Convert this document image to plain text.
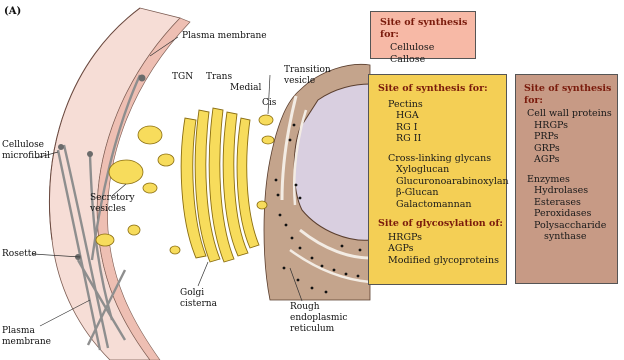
(A)
Plasma membrane
TGN Trans
Medial
Cis
Transition
vesicle
Cellulose
microfibril
Secretory
vesicles
Rosette
Plasma
membrane
Golgi
cisterna	Rough
endoplasmic
reticulum
Site of synthesis for:
Cellulose
Callose
Site of synthesis for:
Pectins
HGA
RG I
RG II
Cross-linking glycans
Xyloglucan
Glucuronoarabinoxylan
β-Glucan
Galactomannan
Site of glycosylation of:
HRGPs
AGPs
Modified glycoproteins
Site of synthesis for:
Cell wall proteins
HRGPs
PRPs
GRPs
AGPs
Enzymes
Hydrolases
Esterases
Peroxidases
Polysaccharide
synthase
